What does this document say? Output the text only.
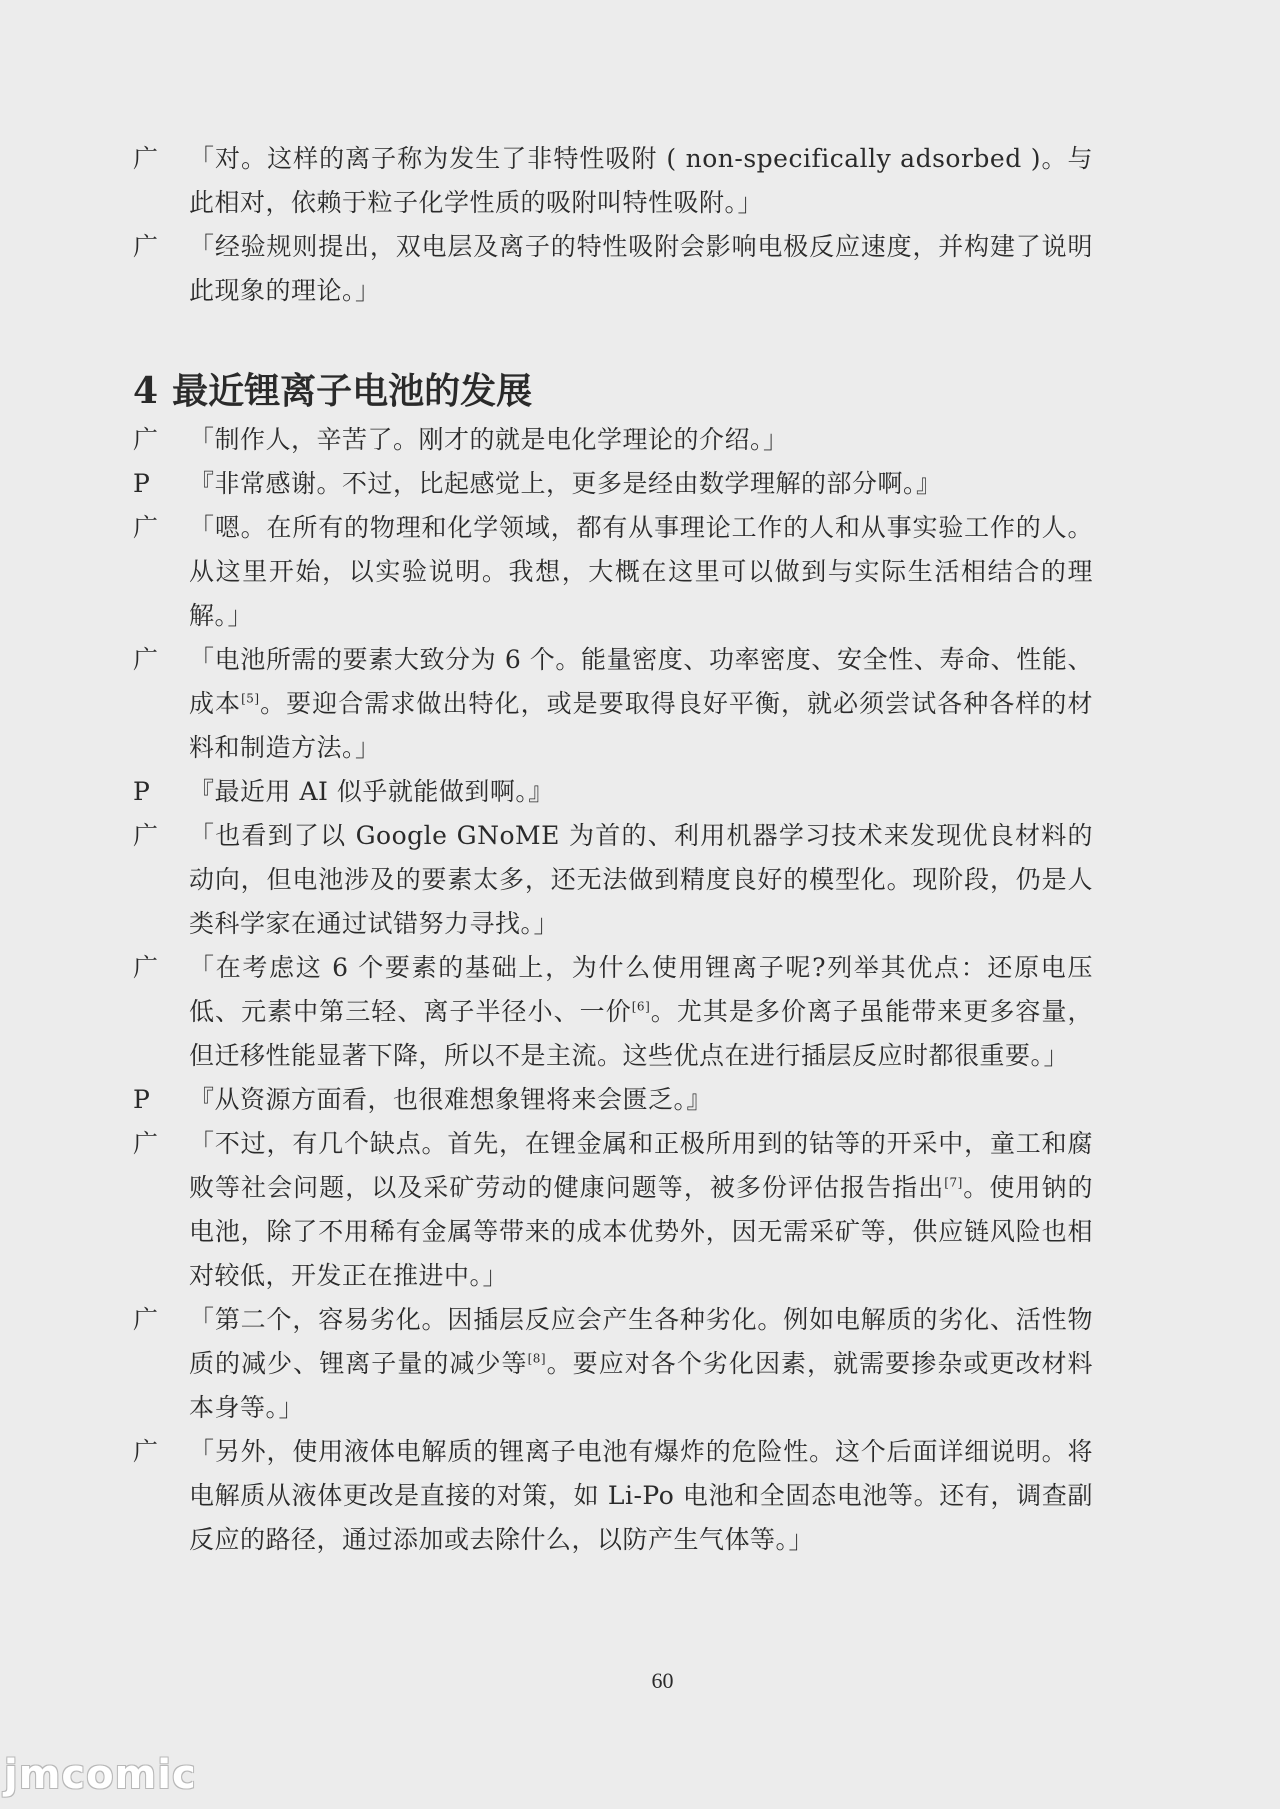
广	「对。这样的离子称为发生了非特性吸附 ( non-specifically adsorbed )。与此相对，依赖于粒子化学性质的吸附叫特性吸附。」
广	「经验规则提出，双电层及离子的特性吸附会影响电极反应速度，并构建了说明此现象的理论。」
4 最近锂离子电池的发展
广	「制作人，辛苦了。刚才的就是电化学理论的介绍。」
P	『非常感谢。不过，比起感觉上，更多是经由数学理解的部分啊。』
广	「嗯。在所有的物理和化学领域，都有从事理论工作的人和从事实验工作的人。从这里开始，以实验说明。我想，大概在这里可以做到与实际生活相结合的理解。」
广	「电池所需的要素大致分为 6 个。能量密度、功率密度、安全性、寿命、性能、成本[5]。要迎合需求做出特化，或是要取得良好平衡，就必须尝试各种各样的材料和制造方法。」
P	『最近用 AI 似乎就能做到啊。』
广	「也看到了以 Google GNoME 为首的、利用机器学习技术来发现优良材料的动向，但电池涉及的要素太多，还无法做到精度良好的模型化。现阶段，仍是人类科学家在通过试错努力寻找。」
广	「在考虑这 6 个要素的基础上，为什么使用锂离子呢?列举其优点：还原电压低、元素中第三轻、离子半径小、一价[6]。尤其是多价离子虽能带来更多容量，但迁移性能显著下降，所以不是主流。这些优点在进行插层反应时都很重要。」
P	『从资源方面看，也很难想象锂将来会匮乏。』
广	「不过，有几个缺点。首先，在锂金属和正极所用到的钴等的开采中，童工和腐败等社会问题，以及采矿劳动的健康问题等，被多份评估报告指出[7]。使用钠的电池，除了不用稀有金属等带来的成本优势外，因无需采矿等，供应链风险也相对较低，开发正在推进中。」
广	「第二个，容易劣化。因插层反应会产生各种劣化。例如电解质的劣化、活性物质的减少、锂离子量的减少等[8]。要应对各个劣化因素，就需要掺杂或更改材料本身等。」
广	「另外，使用液体电解质的锂离子电池有爆炸的危险性。这个后面详细说明。将电解质从液体更改是直接的对策，如 Li-Po 电池和全固态电池等。还有，调查副反应的路径，通过添加或去除什么，以防产生气体等。」
60
jmcomic
